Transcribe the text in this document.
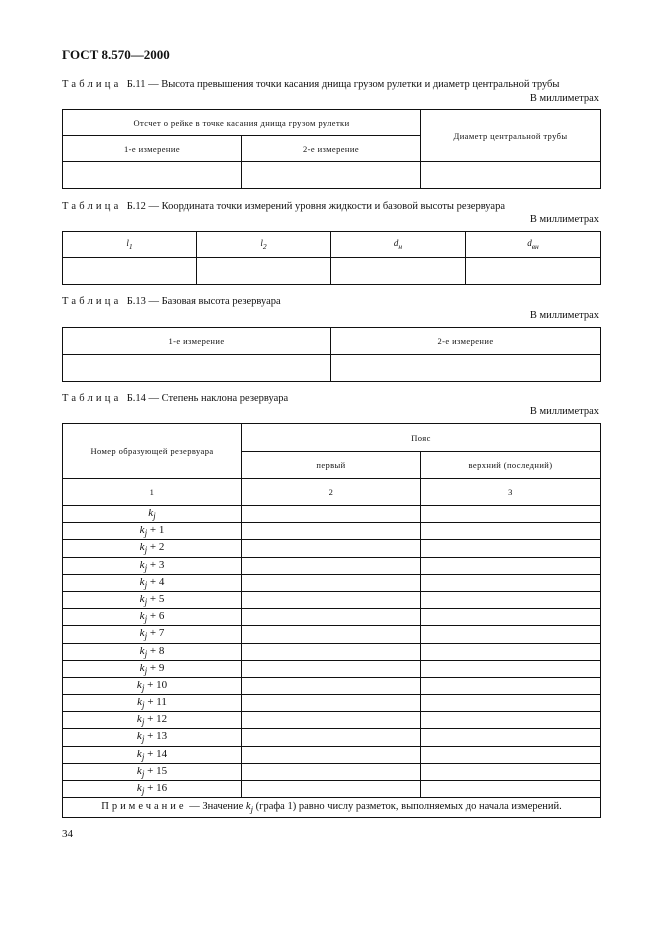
ГОСТ 8.570—2000
Таблица Б.11 — Высота превышения точки касания днища грузом рулетки и диаметр центральной трубы
В миллиметрах
Отсчет о рейке в точке касания днища грузом рулетки		Диаметр центральной трубы
1-е измерение	2-е измерение	

Таблица Б.12 — Координата точки измерений уровня жидкости и базовой высоты резервуара
В миллиметрах
$l_1$	$l_2$	$d_н$	$d_{вн}$

Таблица Б.13 — Базовая высота резервуара
В миллиметрах
1-е измерение	2-е измерение

Таблица Б.14 — Степень наклона резервуара
В миллиметрах
Номер образующей резервуара	Пояс	
	первый	верхний (последний)
1	2	3
$k_j$		
$k_j + 1$		
$k_j + 2$		
$k_j + 3$		
$k_j + 4$		
$k_j + 5$		
$k_j + 6$		
$k_j + 7$		
$k_j + 8$		
$k_j + 9$		
$k_j + 10$		
$k_j + 11$		
$k_j + 12$		
$k_j + 13$		
$k_j + 14$		
$k_j + 15$		
$k_j + 16$		
Примечание — Значение $k_j$ (графа 1) равно числу разметок, выполняемых до начала измерений.		
34
